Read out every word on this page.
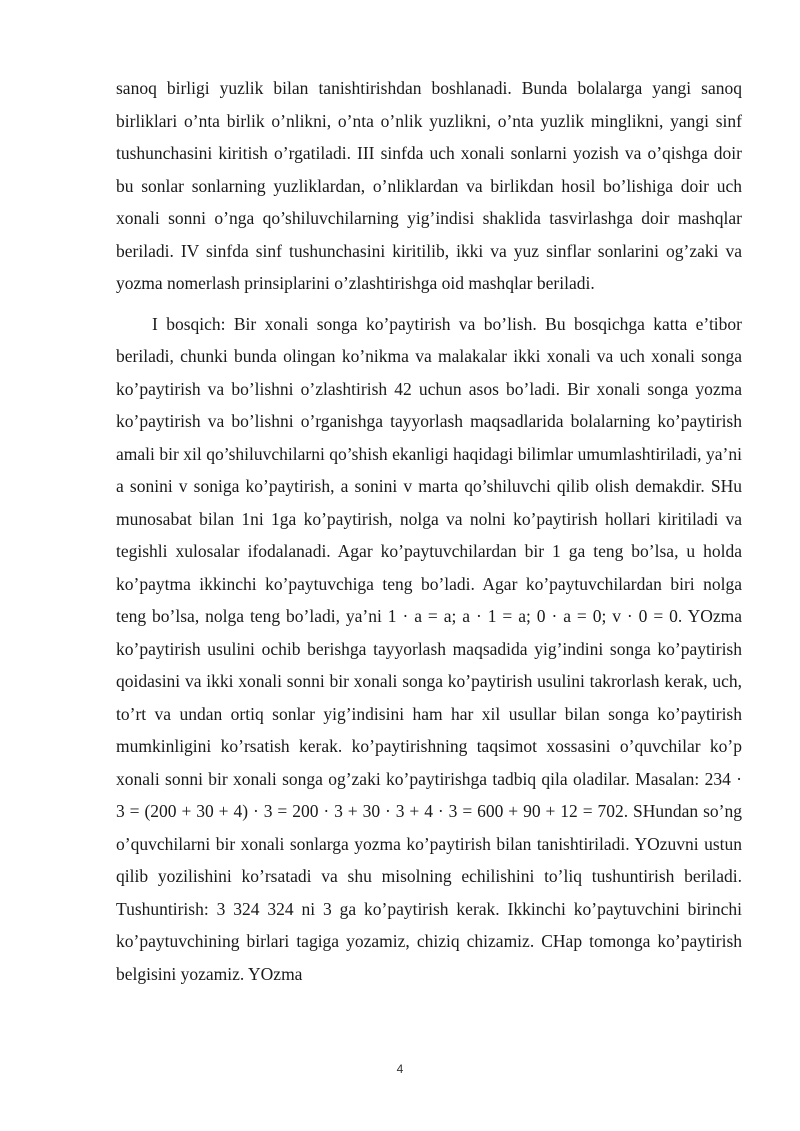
sanoq birligi yuzlik bilan tanishtirishdan boshlanadi. Bunda bolalarga yangi sanoq birliklari o’nta birlik o’nlikni, o’nta o’nlik yuzlikni, o’nta yuzlik minglikni, yangi sinf tushunchasini kiritish o’rgatiladi. III sinfda uch xonali sonlarni yozish va o’qishga doir bu sonlar sonlarning yuzliklardan, o’nliklardan va birlikdan hosil bo’lishiga doir uch xonali sonni o’nga qo’shiluvchilarning yig’indisi shaklida tasvirlashga doir mashqlar beriladi. IV sinfda sinf tushunchasini kiritilib, ikki va yuz sinflar sonlarini og’zaki va yozma nomerlash prinsiplarini o’zlashtirishga oid mashqlar beriladi.

I bosqich: Bir xonali songa ko’paytirish va bo’lish. Bu bosqichga katta e’tibor beriladi, chunki bunda olingan ko’nikma va malakalar ikki xonali va uch xonali songa ko’paytirish va bo’lishni o’zlashtirish 42 uchun asos bo’ladi. Bir xonali songa yozma ko’paytirish va bo’lishni o’rganishga tayyorlash maqsadlarida bolalarning ko’paytirish amali bir xil qo’shiluvchilarni qo’shish ekanligi haqidagi bilimlar umumlashtiriladi, ya’ni a sonini v soniga ko’paytirish, a sonini v marta qo’shiluvchi qilib olish demakdir. SHu munosabat bilan 1ni 1ga ko’paytirish, nolga va nolni ko’paytirish hollari kiritiladi va tegishli xulosalar ifodalanadi. Agar ko’paytuvchilardan bir 1 ga teng bo’lsa, u holda ko’paytma ikkinchi ko’paytuvchiga teng bo’ladi. Agar ko’paytuvchilardan biri nolga teng bo’lsa, nolga teng bo’ladi, ya’ni 1 · a = a; a · 1 = a; 0 · a = 0; v · 0 = 0. YOzma ko’paytirish usulini ochib berishga tayyorlash maqsadida yig’indini songa ko’paytirish qoidasini va ikki xonali sonni bir xonali songa ko’paytirish usulini takrorlash kerak, uch, to’rt va undan ortiq sonlar yig’indisini ham har xil usullar bilan songa ko’paytirish mumkinligini ko’rsatish kerak. ko’paytirishning taqsimot xossasini o’quvchilar ko’p xonali sonni bir xonali songa og’zaki ko’paytirishga tadbiq qila oladilar. Masalan: 234 · 3 = (200 + 30 + 4) · 3 = 200 · 3 + 30 · 3 + 4 · 3 = 600 + 90 + 12 = 702. SHundan so’ng o’quvchilarni bir xonali sonlarga yozma ko’paytirish bilan tanishtiriladi. YOzuvni ustun qilib yozilishini ko’rsatadi va shu misolning echilishini to’liq tushuntirish beriladi. Tushuntirish: 3 324 324 ni 3 ga ko’paytirish kerak. Ikkinchi ko’paytuvchini birinchi ko’paytuvchining birlari tagiga yozamiz, chiziq chizamiz. CHap tomonga ko’paytirish belgisini yozamiz. YOzma

4
